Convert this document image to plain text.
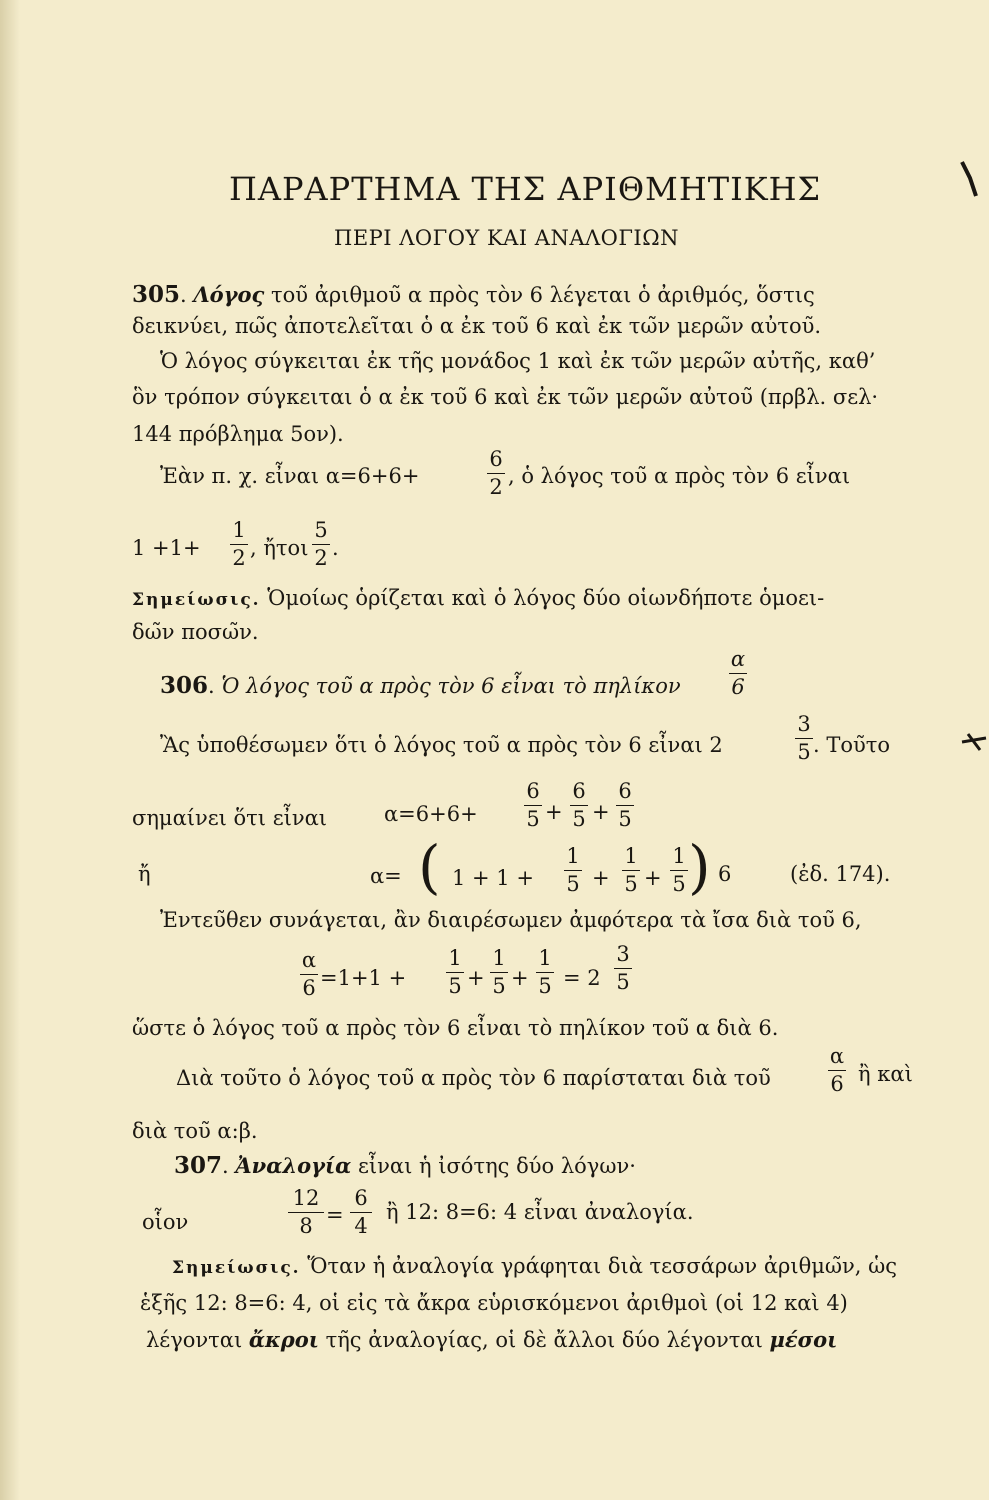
ΠΑΡΑΡΤΗΜΑ ΤΗΣ ΑΡΙΘΜΗΤΙΚΗΣ
ΠΕΡΙ ΛΟΓΟΥ ΚΑΙ ΑΝΑΛΟΓΙΩΝ
305. Λόγος του̃ ἀριθμου̃ α πρὸς τὸν 6 λέγεται ὁ ἀριθμός, ὅστις
δεικνύει, πω̃ς ἀποτελει̃ται ὁ α ἐκ του̃ 6 καὶ ἐκ τω̃ν μερω̃ν αὐτου̃.
Ὁ λόγος σύγκειται ἐκ τη̃ς μονάδος 1 καὶ ἐκ τω̃ν μερω̃ν αὐτη̃ς, καθ’
ὃν τρόπον σύγκειται ὁ α ἐκ του̃ 6 καὶ ἐκ τω̃ν μερω̃ν αὐτου̃ (πρβλ. σελ·
144 πρόβλημα 5ον).
Ἐὰν π. χ. εἶναι α=6+6+
6
2 , ὁ λόγος του̃ α πρὸς τὸν 6 εἶναι
1 +1+
1
2 , ἤτοι
5
2 .
Σημείωσις. Ὁμοίως ὁρίζεται καὶ ὁ λόγος δύο οἱωνδήποτε ὁμοει-
δω̃ν ποσω̃ν.
306. Ὁ λόγος του̃ α πρὸς τὸν 6 εἶναι τὸ πηλίκον
α
6
Ἂς ὑποθέσωμεν ὅτι ὁ λόγος του̃ α πρὸς τὸν 6 εἶναι 2
3
5 . Του̃το
σημαίνει ὅτι εἶναι	α=6+6+
6
5 +
6
5 +
6
5
ἤ	α= ( 1 + 1 +
1
5 +
1
5 +
1
5 ) 6	(ἐδ. 174).
Ἐντευ̃θεν συνάγεται, ἂν διαιρέσωμεν ἀμφότερα τὰ ἴσα διὰ του̃ 6,
α
6 =1+1 +
1
5 +
1
5 +
1
5 = 2
3
5
ὥστε ὁ λόγος του̃ α πρὸς τὸν 6 εἶναι τὸ πηλίκον του̃ α διὰ 6.
Διὰ του̃το ὁ λόγος του̃ α πρὸς τὸν 6 παρίσταται διὰ του̃
α
6 ἢ καὶ
διὰ του̃ α:β.
307. Ἀναλογία εἶναι ἡ ἰσότης δύο λόγων·
οἷον
12
8 =
6
4
ἢ 12: 8=6: 4 εἶναι ἀναλογία.
Σημείωσις. Ὅταν ἡ ἀναλογία γράφηται διὰ τεσσάρων ἀριθμω̃ν, ὡς
ἑξη̃ς 12: 8=6: 4, οἱ εἰς τὰ ἄκρα εὑρισκόμενοι ἀριθμοὶ (οἱ 12 καὶ 4)
λέγονται ἄκροι τη̃ς ἀναλογίας, οἱ δὲ ἄλλοι δύο λέγονται μέσοι
